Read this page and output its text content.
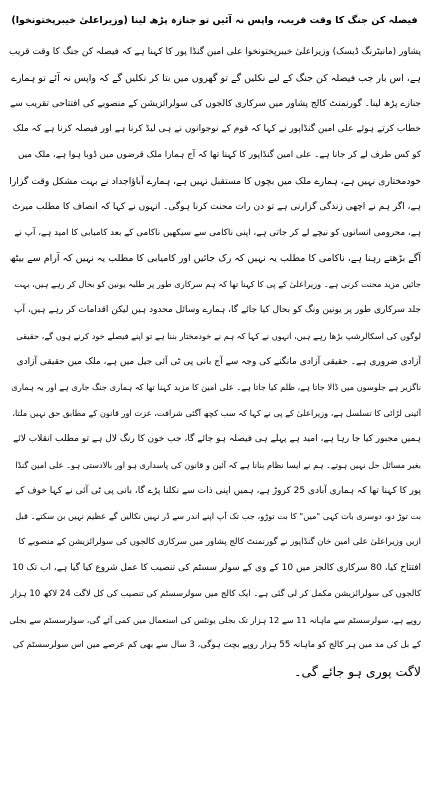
فیصلہ کن جنگ کا وقت قریب، واپس نہ آئیں تو جنازہ پڑھ لینا (وزیراعلیٰ خیبرپختونخوا)
پشاور (مانیٹرنگ ڈیسک) وزیراعلیٰ خیبرپختونخوا علی امین گنڈا پور کا کہنا ہے کہ فیصلہ کن جنگ کا وقت قریب
ہے، اس بار جب فیصلہ کن جنگ کے لیے نکلیں گے تو گھروں میں بتا کر نکلیں گے کہ واپس نہ آئے تو ہمارے
جنازے پڑھ لینا۔ گورنمنٹ کالج پشاور میں سرکاری کالجوں کی سولرائزیشن کے منصوبے کی افتتاحی تقریب سے
خطاب کرتے ہوئے علی امین گنڈاپور نے کہا کہ قوم کے نوجوانوں نے ہی لیڈ کرنا ہے اور فیصلہ کرنا ہے کہ ملک
کو کس طرف لے کر جانا ہے۔ علی امین گنڈاپور کا کہنا تھا کہ آج ہمارا ملک قرضوں میں ڈوبا ہوا ہے، ملک میں
خودمختاری نہیں ہے، ہمارے ملک میں بچوں کا مستقبل نہیں ہے، ہمارے آباؤاجداد نے بہت مشکل وقت گزارا
ہے، اگر ہم نے اچھی زندگی گزارنی ہے تو دن رات محنت کرنا ہوگی۔ انہوں نے کہا کہ انصاف کا مطلب میرٹ
ہے، محرومی انسانوں کو نیچے لے کر جاتی ہے، اپنی ناکامی سے سیکھیں ناکامی کے بعد کامیابی کا امید ہے، آپ نے
آگے بڑھتے رہنا ہے، ناکامی کا مطلب یہ نہیں کہ رک جائیں اور کامیابی کا مطلب یہ نہیں کہ آرام سے بیٹھ
جائیں مزید محنت کرنی ہے۔ وزیراعلیٰ کے پی کا کہنا تھا کہ ہم سرکاری طور پر طلبہ یونین کو بحال کر رہے ہیں، بہت
جلد سرکاری طور پر یونین ونگ کو بحال کیا جائے گا، ہمارے وسائل محدود ہیں لیکن اقدامات کر رہے ہیں، آپ
لوگوں کی اسکالرشپ بڑھا رہے ہیں، انہوں نے کہا کہ ہم نے خودمختار بننا ہے تو اپنے فیصلے خود کرنے ہوں گے، حقیقی
آزادی ضروری ہے۔ حقیقی آزادی مانگنے کی وجہ سے آج بانی پی ٹی آئی جیل میں ہے، ملک میں حقیقی آزادی
ناگزیر ہے جلوسوں میں ڈالا جاتا ہے، ظلم کیا جاتا ہے۔ علی امین کا مزید کہنا تھا کہ ہماری جنگ جاری ہے اور یہ ہماری
آئینی لڑائی کا تسلسل ہے، وزیراعلیٰ کے پی نے کہا کہ سب کچھ آگئی شرافت، عزت اور قانون کے مطابق حق نہیں ملتا،
ہمیں مجبور کیا جا رہا ہے، امید ہے پہلے ہی فیصلہ ہو جائے گا، جب خون کا رنگ لال ہے تو مطلب انقلاب لائے
بغیر مسائل حل نہیں ہوتے۔ ہم نے ایسا نظام بنانا ہے کہ آئین و قانون کی پاسداری ہو اور بالادستی ہو۔ علی امین گنڈا
پور کا کہنا تھا کہ ہماری آبادی 25 کروڑ ہے، ہمیں اپنی ذات سے نکلنا پڑے گا، بانی پی ٹی آئی نے کہا خوف کے
بت توڑ دو، دوسری بات کہی "میں" کا بت توڑو، جب تک آپ اپنے اندر سے ڈر نہیں نکالیں گے عظیم نہیں بن سکتے۔ قبل
ازیں وزیراعلیٰ علی امین خان گنڈاپور نے گورنمنٹ کالج پشاور میں سرکاری کالجوں کی سولرائزیشن کے منصوبے کا
افتتاح کیا، 80 سرکاری کالجز میں 10 کے وی کے سولر سسٹم کی تنصیب کا عمل شروع کیا گیا ہے، اب تک 10
کالجوں کی سولرائزیشن مکمل کر لی گئی ہے۔ ایک کالج میں سولرسسٹم کی تنصیب کی کل لاگت 24 لاکھ 10 ہزار
روپے ہے، سولرسسٹم سے ماہانہ 11 سے 12 ہزار تک بجلی یونٹس کی استعمال میں کمی آئے گی، سولرسسٹم سے بجلی
کے بل کی مد میں ہر کالج کو ماہانہ 55 ہزار روپے بچت ہوگی، 3 سال سے بھی کم عرصے میں اس سولرسسٹم کی
لاگت پوری ہو جائے گی۔
